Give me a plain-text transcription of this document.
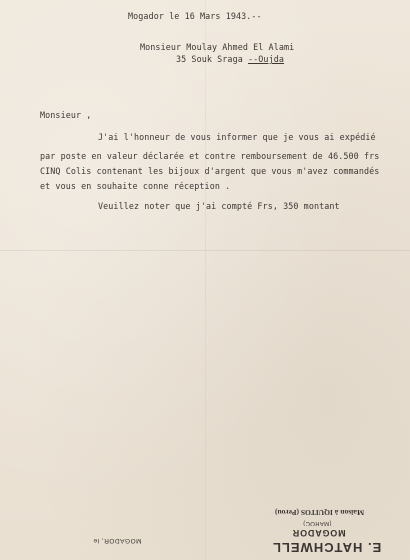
Mogador le 16 Mars 1943.--
Monsieur Moulay Ahmed El Alami
35 Souk Sraga --Oujda
Monsieur ,
J'ai l'honneur de vous informer que je vous ai expédié
par poste en valeur déclarée et contre remboursement de 46.500 frs
CINQ Colis contenant les bijoux d'argent que vous m'avez commandés
et vous en souhaite conne réception .
Veuillez noter que j'ai compté Frs, 350 montant
E. HATCHWELL
MOGADOR
(MAROC)
Maison à IQUITOS (Perou)
MOGADOR, le
